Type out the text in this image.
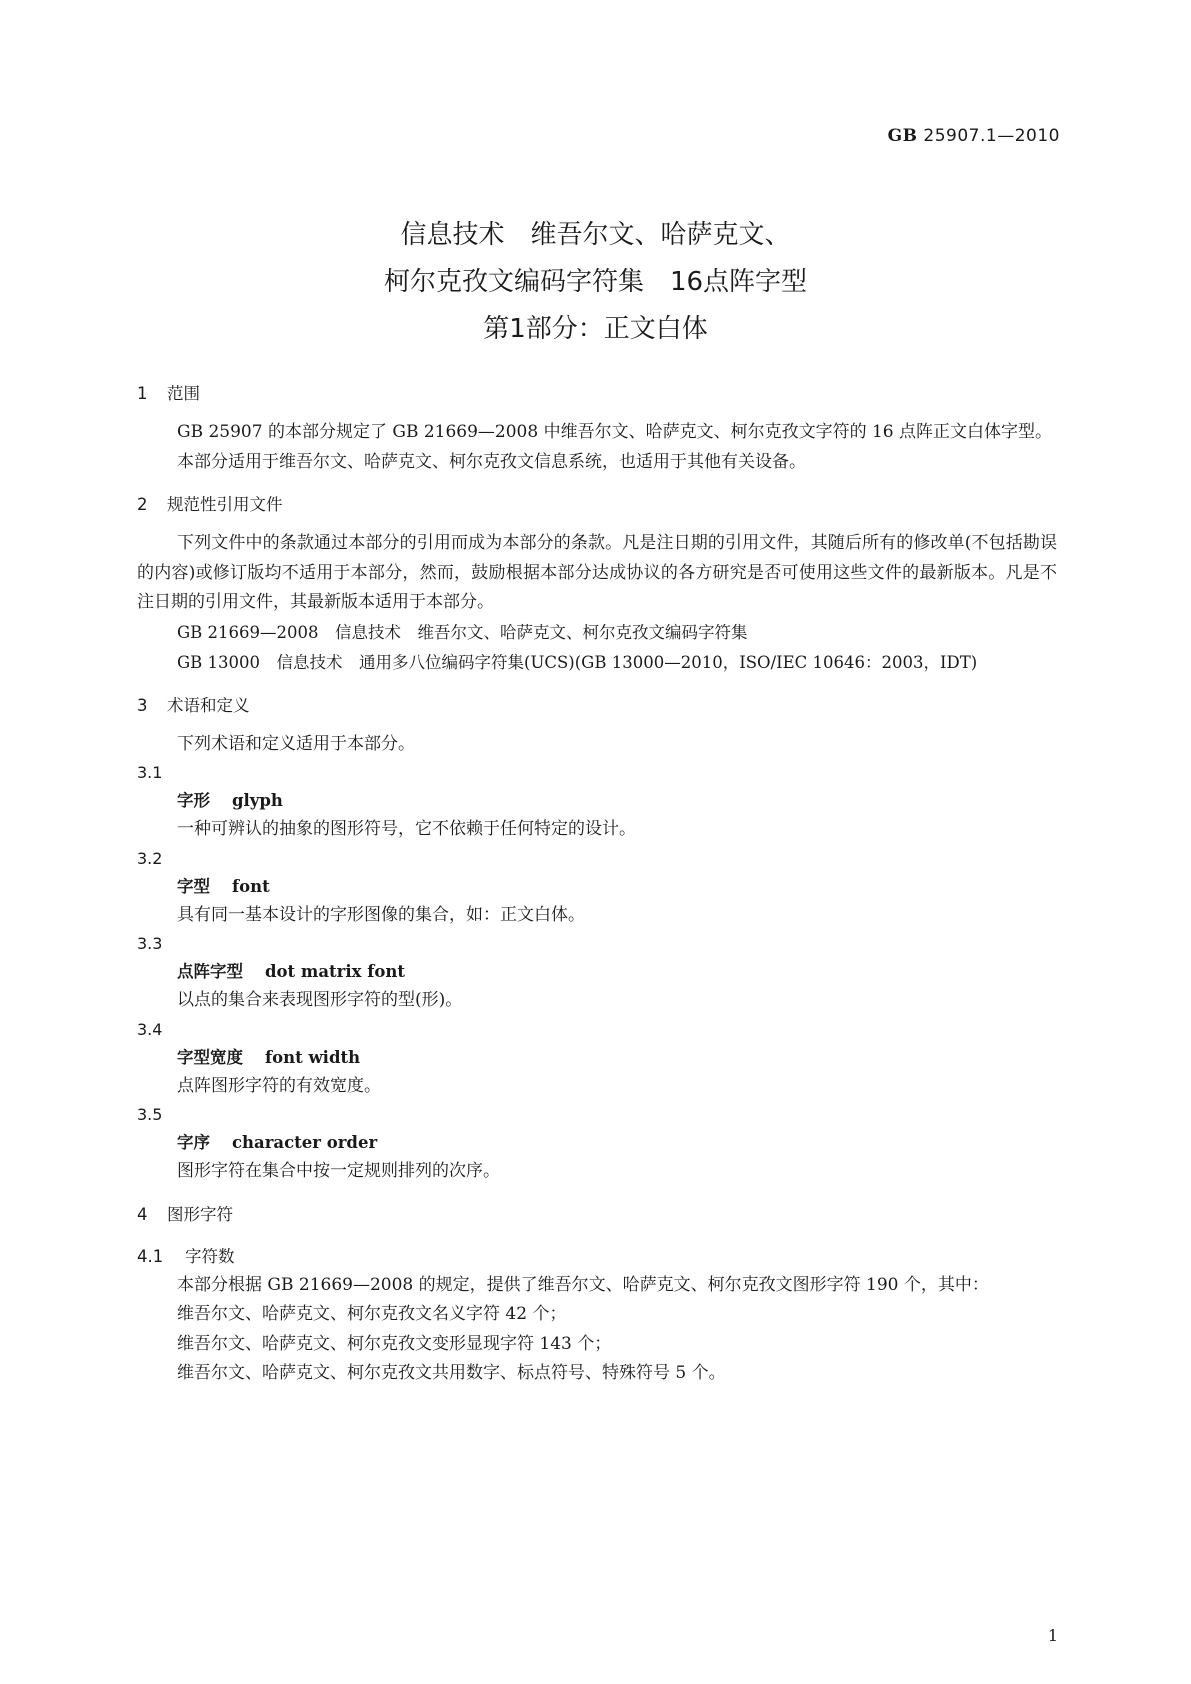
GB 25907.1—2010
信息技术　维吾尔文、哈萨克文、
柯尔克孜文编码字符集　16点阵字型
第1部分：正文白体
1	范围

GB 25907 的本部分规定了 GB 21669—2008 中维吾尔文、哈萨克文、柯尔克孜文字符的 16 点阵正文白体字型。

本部分适用于维吾尔文、哈萨克文、柯尔克孜文信息系统，也适用于其他有关设备。

2	规范性引用文件

下列文件中的条款通过本部分的引用而成为本部分的条款。凡是注日期的引用文件，其随后所有的修改单(不包括勘误的内容)或修订版均不适用于本部分，然而，鼓励根据本部分达成协议的各方研究是否可使用这些文件的最新版本。凡是不注日期的引用文件，其最新版本适用于本部分。

GB 21669—2008　信息技术　维吾尔文、哈萨克文、柯尔克孜文编码字符集

GB 13000　信息技术　通用多八位编码字符集(UCS)(GB 13000—2010，ISO/IEC 10646：2003，IDT)

3	术语和定义

下列术语和定义适用于本部分。

3.1

字形 glyph

一种可辨认的抽象的图形符号，它不依赖于任何特定的设计。

3.2

字型 font

具有同一基本设计的字形图像的集合，如：正文白体。

3.3

点阵字型 dot matrix font

以点的集合来表现图形字符的型(形)。

3.4

字型宽度 font width

点阵图形字符的有效宽度。

3.5

字序 character order

图形字符在集合中按一定规则排列的次序。

4	图形字符
4.1 字符数

本部分根据 GB 21669—2008 的规定，提供了维吾尔文、哈萨克文、柯尔克孜文图形字符 190 个，其中：

维吾尔文、哈萨克文、柯尔克孜文名义字符 42 个；

维吾尔文、哈萨克文、柯尔克孜文变形显现字符 143 个；

维吾尔文、哈萨克文、柯尔克孜文共用数字、标点符号、特殊符号 5 个。

1
